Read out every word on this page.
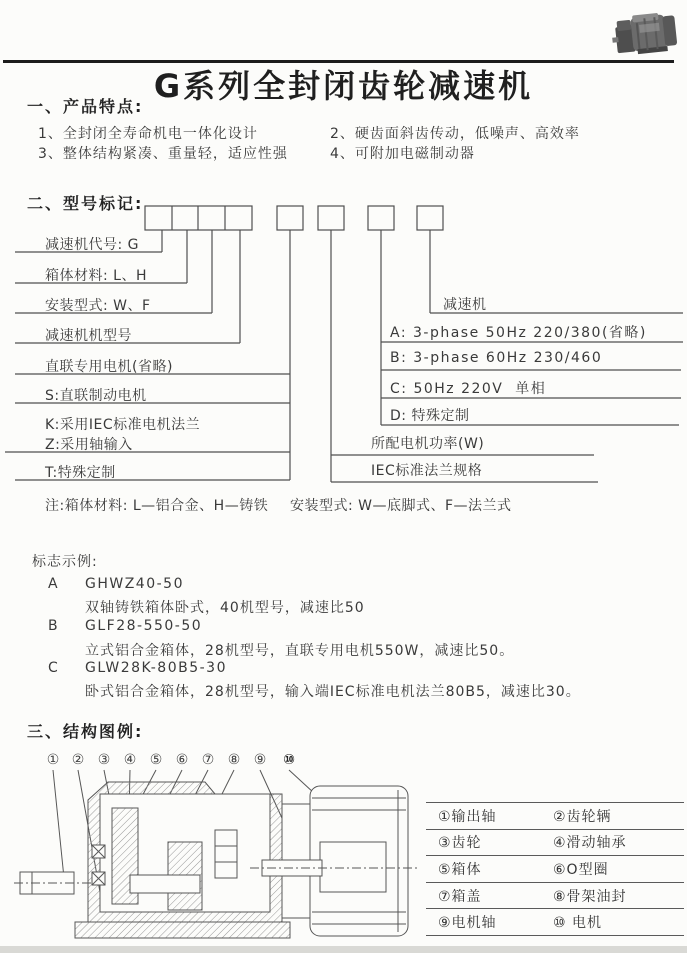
G系列全封闭齿轮减速机
一、产品特点:
1、全封闭全寿命机电一体化设计	2、硬齿面斜齿传动，低噪声、高效率
3、整体结构紧凑、重量轻，适应性强	4、可附加电磁制动器
二、型号标记:
减速机代号: G
箱体材料: L、H
安装型式: W、F
减速机机型号
直联专用电机(省略)
S:直联制动电机
K:采用IEC标准电机法兰
Z:采用轴输入
T:特殊定制
减速机
A: 3-phase 50Hz 220/380(省略)
B: 3-phase 60Hz 230/460
C: 50Hz 220V  单相
D: 特殊定制
所配电机功率(W)
IEC标准法兰规格
注:箱体材料: L—铝合金、H—铸铁 安装型式: W—底脚式、F—法兰式
标志示例:
A GHWZ40-50
双轴铸铁箱体卧式，40机型号，减速比50
B GLF28-550-50
立式铝合金箱体，28机型号，直联专用电机550W，减速比50。
C GLW28K-80B5-30
卧式铝合金箱体，28机型号，输入端IEC标准电机法兰80B5，减速比30。
三、结构图例:
① ② ③ ④ ⑤ ⑥ ⑦ ⑧ ⑨ ⑩
①输出轴	②齿轮辆
③齿轮	④滑动轴承
⑤箱体	⑥O型圈
⑦箱盖	⑧骨架油封
⑨电机轴	⑩ 电机
